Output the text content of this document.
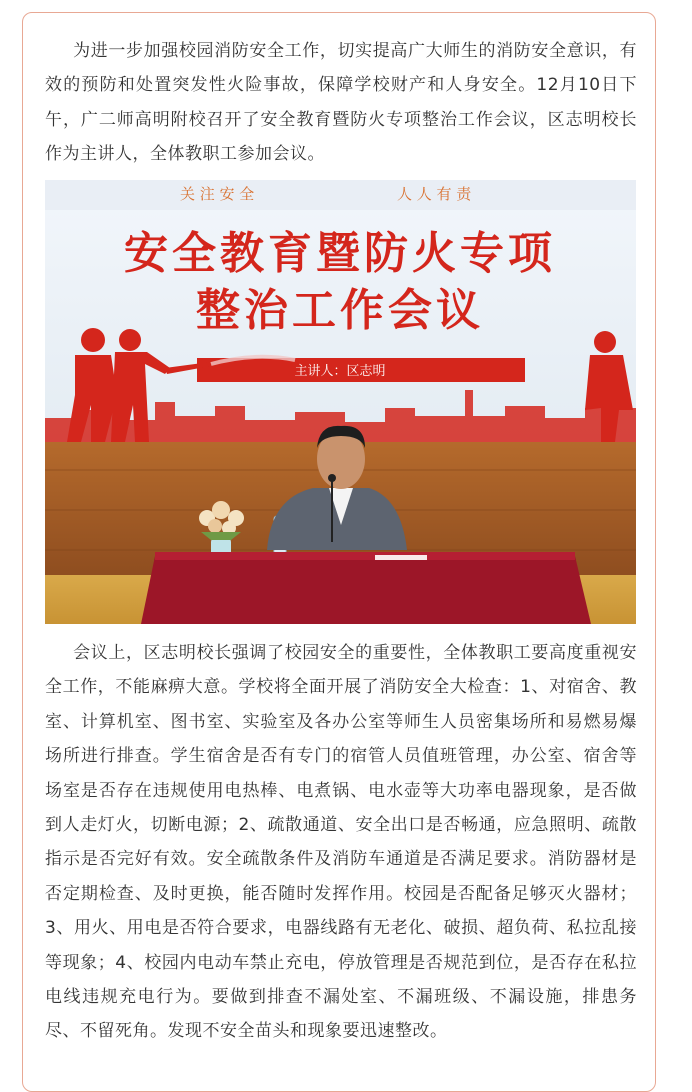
为进一步加强校园消防安全工作，切实提高广大师生的消防安全意识，有效的预防和处置突发性火险事故，保障学校财产和人身安全。12月10日下午，广二师高明附校召开了安全教育暨防火专项整治工作会议，区志明校长作为主讲人，全体教职工参加会议。

关 注 安 全	人 人 有 责
安全教育暨防火专项
整治工作会议
主讲人：区志明

会议上，区志明校长强调了校园安全的重要性，全体教职工要高度重视安全工作，不能麻痹大意。学校将全面开展了消防安全大检查：1、对宿舍、教室、计算机室、图书室、实验室及各办公室等师生人员密集场所和易燃易爆场所进行排查。学生宿舍是否有专门的宿管人员值班管理，办公室、宿舍等场室是否存在违规使用电热棒、电煮锅、电水壶等大功率电器现象，是否做到人走灯火，切断电源；2、疏散通道、安全出口是否畅通，应急照明、疏散指示是否完好有效。安全疏散条件及消防车通道是否满足要求。消防器材是否定期检查、及时更换，能否随时发挥作用。校园是否配备足够灭火器材；3、用火、用电是否符合要求，电器线路有无老化、破损、超负荷、私拉乱接等现象；4、校园内电动车禁止充电，停放管理是否规范到位，是否存在私拉电线违规充电行为。要做到排查不漏处室、不漏班级、不漏设施，排患务尽、不留死角。发现不安全苗头和现象要迅速整改。
